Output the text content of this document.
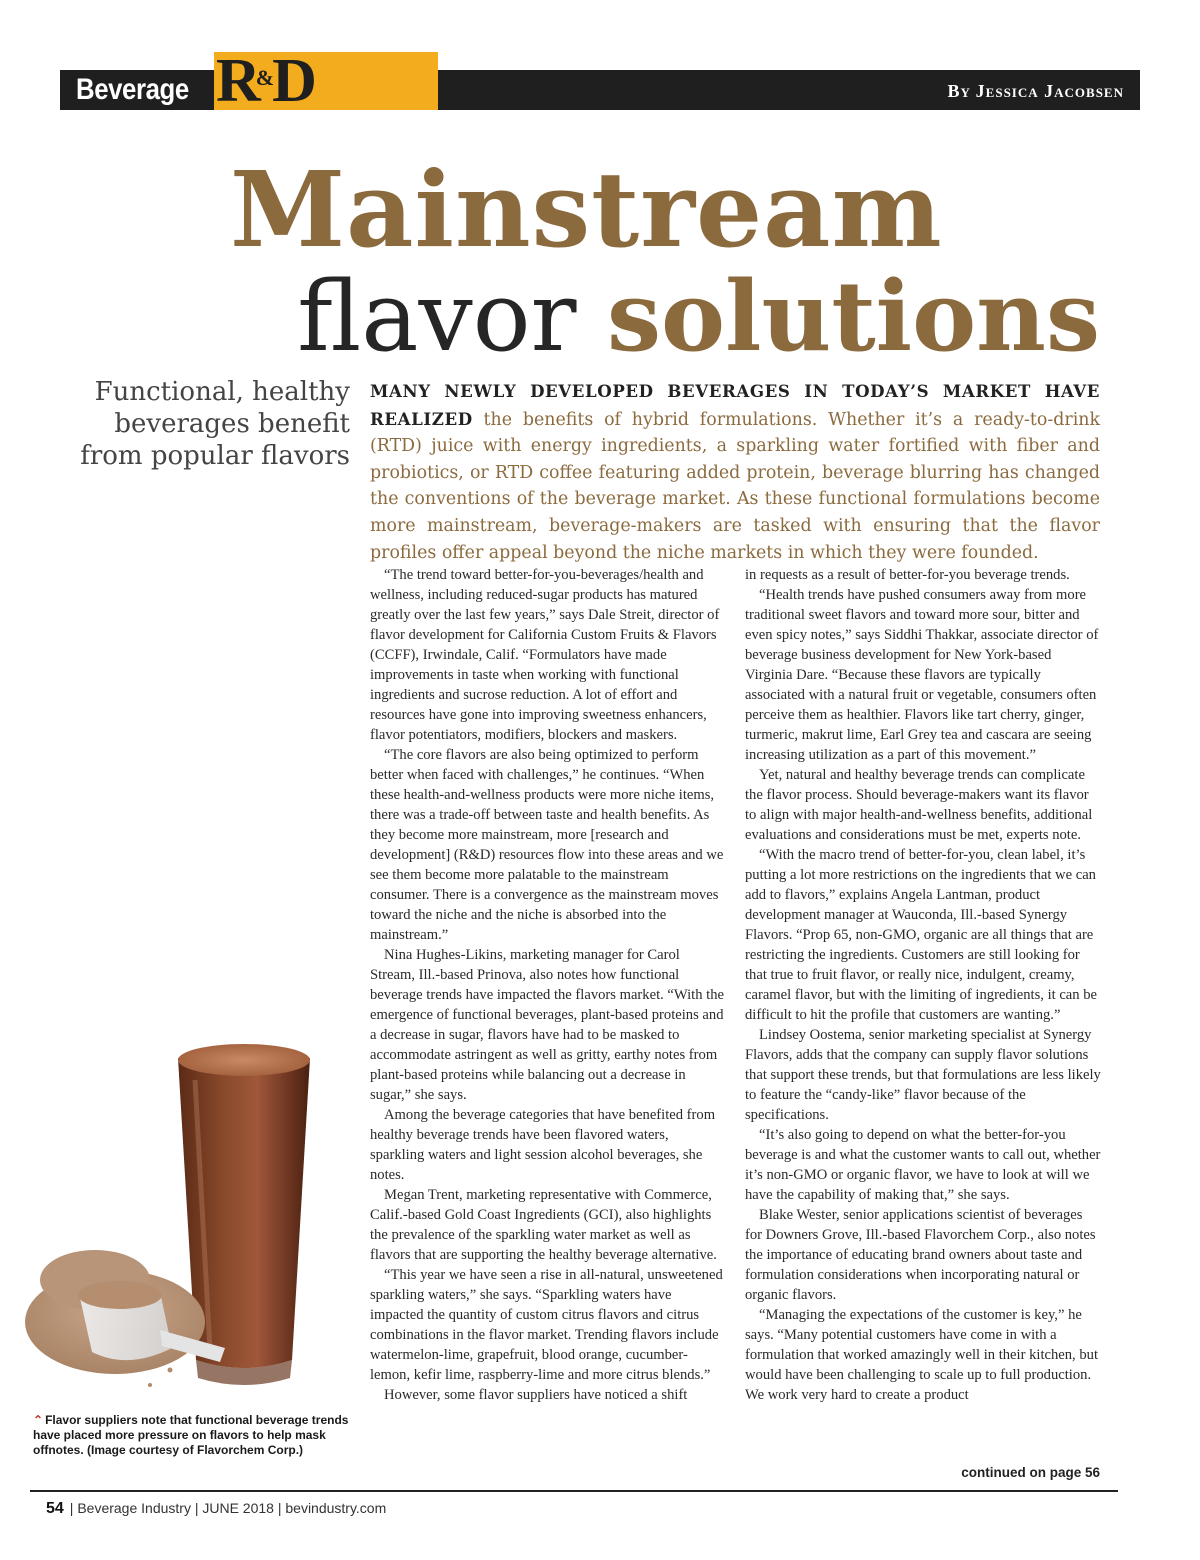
Beverage R&D	By Jessica Jacobsen
Mainstream
flavor solutions
Functional, healthy beverages benefit from popular flavors
MANY NEWLY DEVELOPED BEVERAGES IN TODAY’S MARKET HAVE REALIZED the benefits of hybrid formulations. Whether it’s a ready-to-drink (RTD) juice with energy ingredients, a sparkling water fortified with fiber and probiotics, or RTD coffee featuring added protein, beverage blurring has changed the conventions of the beverage market. As these functional formulations become more mainstream, beverage-makers are tasked with ensuring that the flavor profiles offer appeal beyond the niche markets in which they were founded.

“The trend toward better-for-you-beverages/health and wellness, including reduced-sugar products has matured greatly over the last few years,” says Dale Streit, director of flavor development for California Custom Fruits & Flavors (CCFF), Irwindale, Calif. “Formulators have made improvements in taste when working with functional ingredients and sucrose reduction. A lot of effort and resources have gone into improving sweetness enhancers, flavor potentiators, modifiers, blockers and maskers.

“The core flavors are also being optimized to perform better when faced with challenges,” he continues. “When these health-and-wellness products were more niche items, there was a trade-off between taste and health benefits. As they become more mainstream, more [research and development] (R&D) resources flow into these areas and we see them become more palatable to the mainstream consumer. There is a convergence as the mainstream moves toward the niche and the niche is absorbed into the mainstream.”

Nina Hughes-Likins, marketing manager for Carol Stream, Ill.-based Prinova, also notes how functional beverage trends have impacted the flavors market. “With the emergence of functional beverages, plant-based proteins and a decrease in sugar, flavors have had to be masked to accommodate astringent as well as gritty, earthy notes from plant-based proteins while balancing out a decrease in sugar,” she says.

Among the beverage categories that have benefited from healthy beverage trends have been flavored waters, sparkling waters and light session alcohol beverages, she notes.

Megan Trent, marketing representative with Commerce, Calif.-based Gold Coast Ingredients (GCI), also highlights the prevalence of the sparkling water market as well as flavors that are supporting the healthy beverage alternative.

“This year we have seen a rise in all-natural, unsweetened sparkling waters,” she says. “Sparkling waters have impacted the quantity of custom citrus flavors and citrus combinations in the flavor market. Trending flavors include watermelon-lime, grapefruit, blood orange, cucumber-lemon, kefir lime, raspberry-lime and more citrus blends.”

However, some flavor suppliers have noticed a shift

in requests as a result of better-for-you beverage trends.

“Health trends have pushed consumers away from more traditional sweet flavors and toward more sour, bitter and even spicy notes,” says Siddhi Thakkar, associate director of beverage business development for New York-based Virginia Dare. “Because these flavors are typically associated with a natural fruit or vegetable, consumers often perceive them as healthier. Flavors like tart cherry, ginger, turmeric, makrut lime, Earl Grey tea and cascara are seeing increasing utilization as a part of this movement.”

Yet, natural and healthy beverage trends can complicate the flavor process. Should beverage-makers want its flavor to align with major health-and-wellness benefits, additional evaluations and considerations must be met, experts note.

“With the macro trend of better-for-you, clean label, it’s putting a lot more restrictions on the ingredients that we can add to flavors,” explains Angela Lantman, product development manager at Wauconda, Ill.-based Synergy Flavors. “Prop 65, non-GMO, organic are all things that are restricting the ingredients. Customers are still looking for that true to fruit flavor, or really nice, indulgent, creamy, caramel flavor, but with the limiting of ingredients, it can be difficult to hit the profile that customers are wanting.”

Lindsey Oostema, senior marketing specialist at Synergy Flavors, adds that the company can supply flavor solutions that support these trends, but that formulations are less likely to feature the “candy-like” flavor because of the specifications.

“It’s also going to depend on what the better-for-you beverage is and what the customer wants to call out, whether it’s non-GMO or organic flavor, we have to look at will we have the capability of making that,” she says.

Blake Wester, senior applications scientist of beverages for Downers Grove, Ill.-based Flavorchem Corp., also notes the importance of educating brand owners about taste and formulation considerations when incorporating natural or organic flavors.

“Managing the expectations of the customer is key,” he says. “Many potential customers have come in with a formulation that worked amazingly well in their kitchen, but would have been challenging to scale up to full production. We work very hard to create a product

continued on page 56
⌃ Flavor suppliers note that functional beverage trends have placed more pressure on flavors to help mask offnotes. (Image courtesy of Flavorchem Corp.)
54 | Beverage Industry | JUNE 2018 | bevindustry.com
